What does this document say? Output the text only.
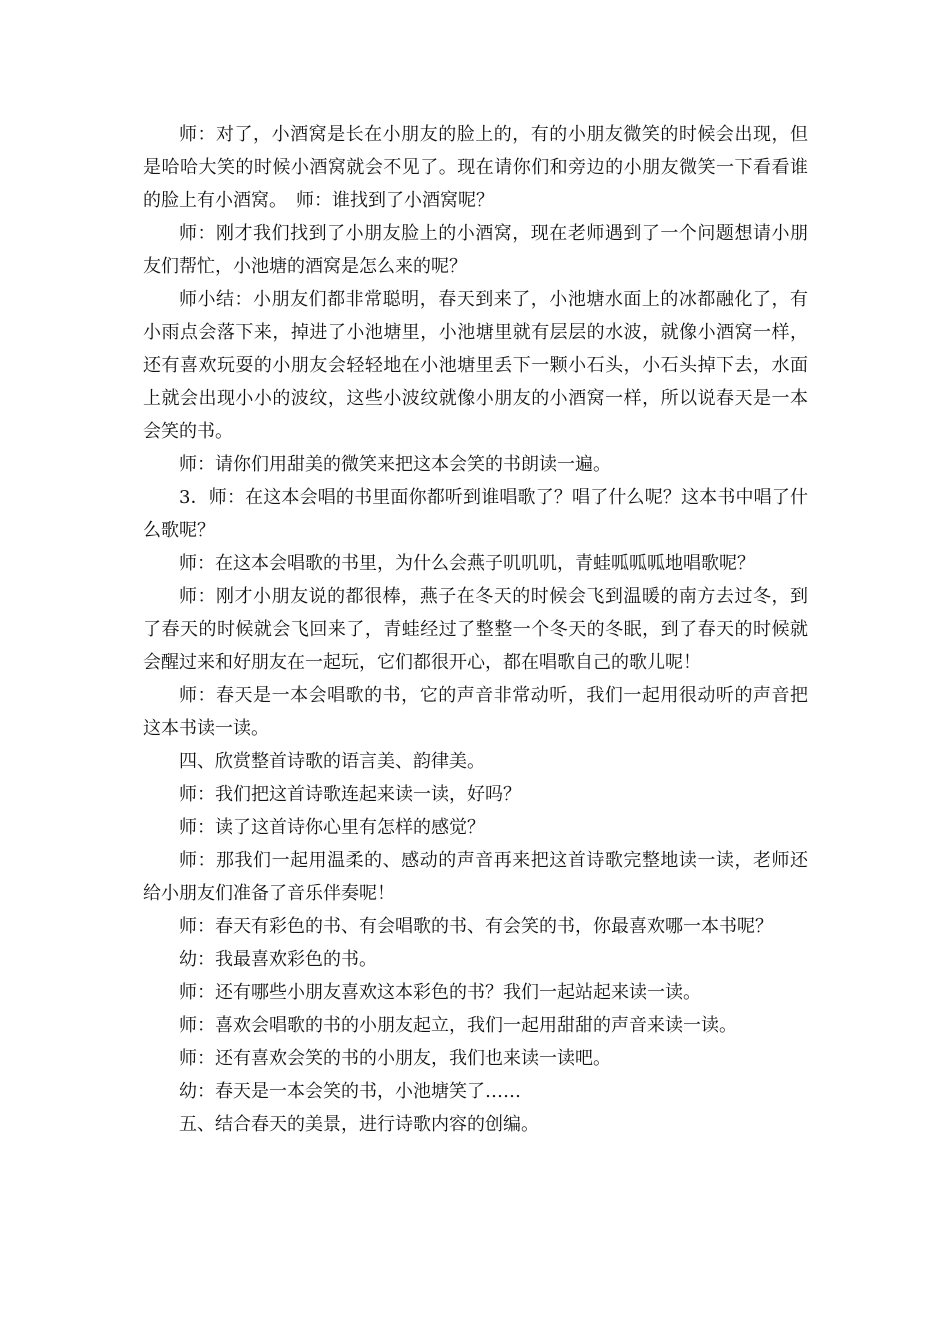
师：对了，小酒窝是长在小朋友的脸上的，有的小朋友微笑的时候会出现，但是哈哈大笑的时候小酒窝就会不见了。现在请你们和旁边的小朋友微笑一下看看谁的脸上有小酒窝。　师：谁找到了小酒窝呢？

师：刚才我们找到了小朋友脸上的小酒窝，现在老师遇到了一个问题想请小朋友们帮忙，小池塘的酒窝是怎么来的呢？

师小结：小朋友们都非常聪明，春天到来了，小池塘水面上的冰都融化了，有小雨点会落下来，掉进了小池塘里，小池塘里就有层层的水波，就像小酒窝一样，还有喜欢玩耍的小朋友会轻轻地在小池塘里丢下一颗小石头，小石头掉下去，水面上就会出现小小的波纹，这些小波纹就像小朋友的小酒窝一样，所以说春天是一本会笑的书。

师：请你们用甜美的微笑来把这本会笑的书朗读一遍。

3．师：在这本会唱的书里面你都听到谁唱歌了？唱了什么呢？这本书中唱了什么歌呢？

师：在这本会唱歌的书里，为什么会燕子叽叽叽，青蛙呱呱呱地唱歌呢？

师：刚才小朋友说的都很棒，燕子在冬天的时候会飞到温暖的南方去过冬，到了春天的时候就会飞回来了，青蛙经过了整整一个冬天的冬眠，到了春天的时候就会醒过来和好朋友在一起玩，它们都很开心，都在唱歌自己的歌儿呢！

师：春天是一本会唱歌的书，它的声音非常动听，我们一起用很动听的声音把这本书读一读。

四、欣赏整首诗歌的语言美、韵律美。

师：我们把这首诗歌连起来读一读，好吗？

师：读了这首诗你心里有怎样的感觉？

师：那我们一起用温柔的、感动的声音再来把这首诗歌完整地读一读，老师还给小朋友们准备了音乐伴奏呢！

师：春天有彩色的书、有会唱歌的书、有会笑的书，你最喜欢哪一本书呢？

幼：我最喜欢彩色的书。

师：还有哪些小朋友喜欢这本彩色的书？我们一起站起来读一读。

师：喜欢会唱歌的书的小朋友起立，我们一起用甜甜的声音来读一读。

师：还有喜欢会笑的书的小朋友，我们也来读一读吧。

幼：春天是一本会笑的书，小池塘笑了……

五、结合春天的美景，进行诗歌内容的创编。
